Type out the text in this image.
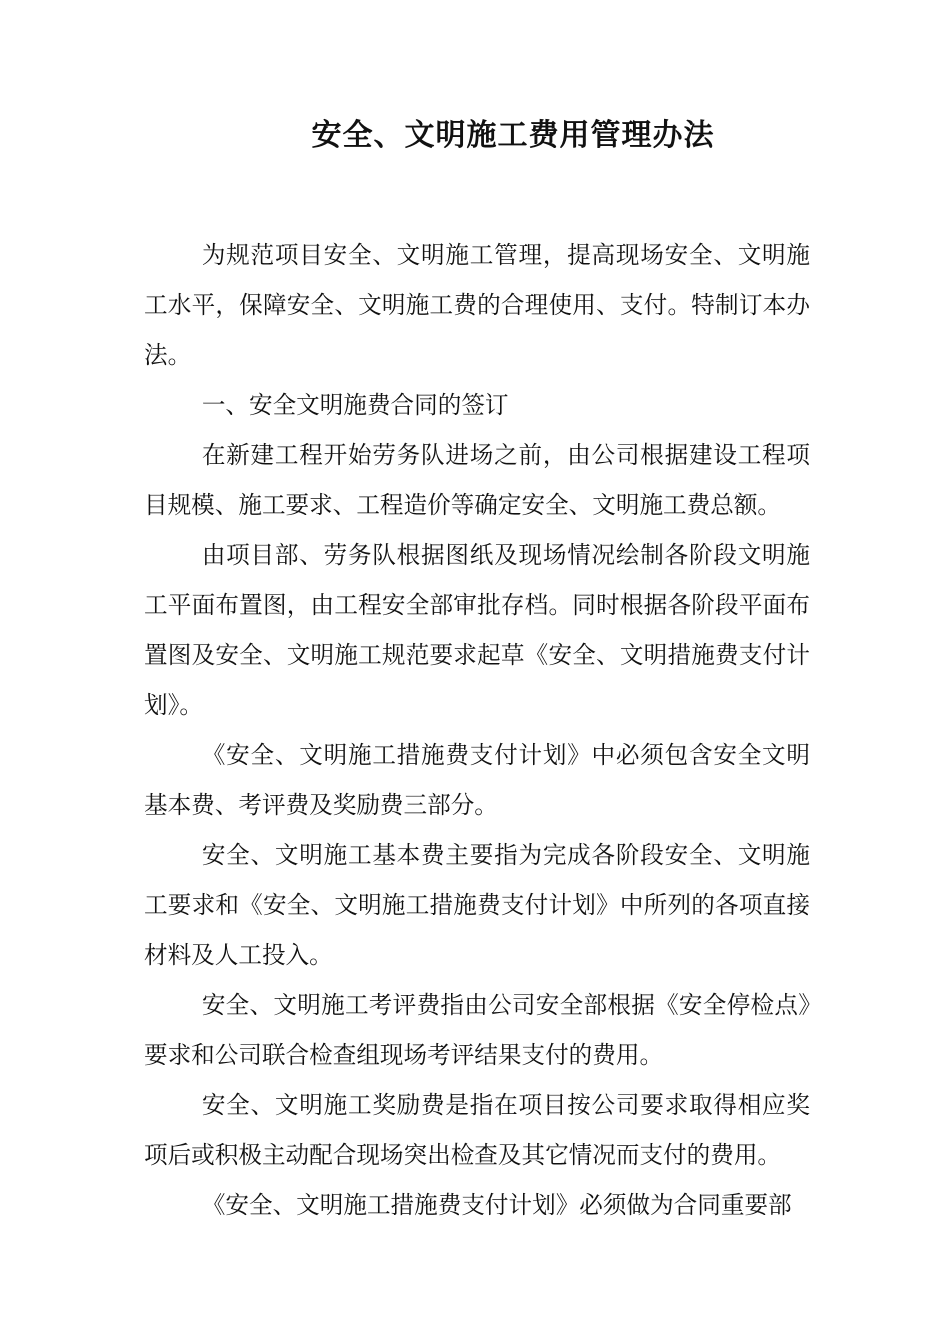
安全、文明施工费用管理办法

为规范项目安全、文明施工管理，提高现场安全、文明施工水平，保障安全、文明施工费的合理使用、支付。特制订本办法。

一、安全文明施费合同的签订

在新建工程开始劳务队进场之前，由公司根据建设工程项目规模、施工要求、工程造价等确定安全、文明施工费总额。

由项目部、劳务队根据图纸及现场情况绘制各阶段文明施工平面布置图，由工程安全部审批存档。同时根据各阶段平面布置图及安全、文明施工规范要求起草《安全、文明措施费支付计划》。

《安全、文明施工措施费支付计划》中必须包含安全文明基本费、考评费及奖励费三部分。

安全、文明施工基本费主要指为完成各阶段安全、文明施工要求和《安全、文明施工措施费支付计划》中所列的各项直接材料及人工投入。

安全、文明施工考评费指由公司安全部根据《安全停检点》要求和公司联合检查组现场考评结果支付的费用。

安全、文明施工奖励费是指在项目按公司要求取得相应奖项后或积极主动配合现场突出检查及其它情况而支付的费用。

《安全、文明施工措施费支付计划》必须做为合同重要部
